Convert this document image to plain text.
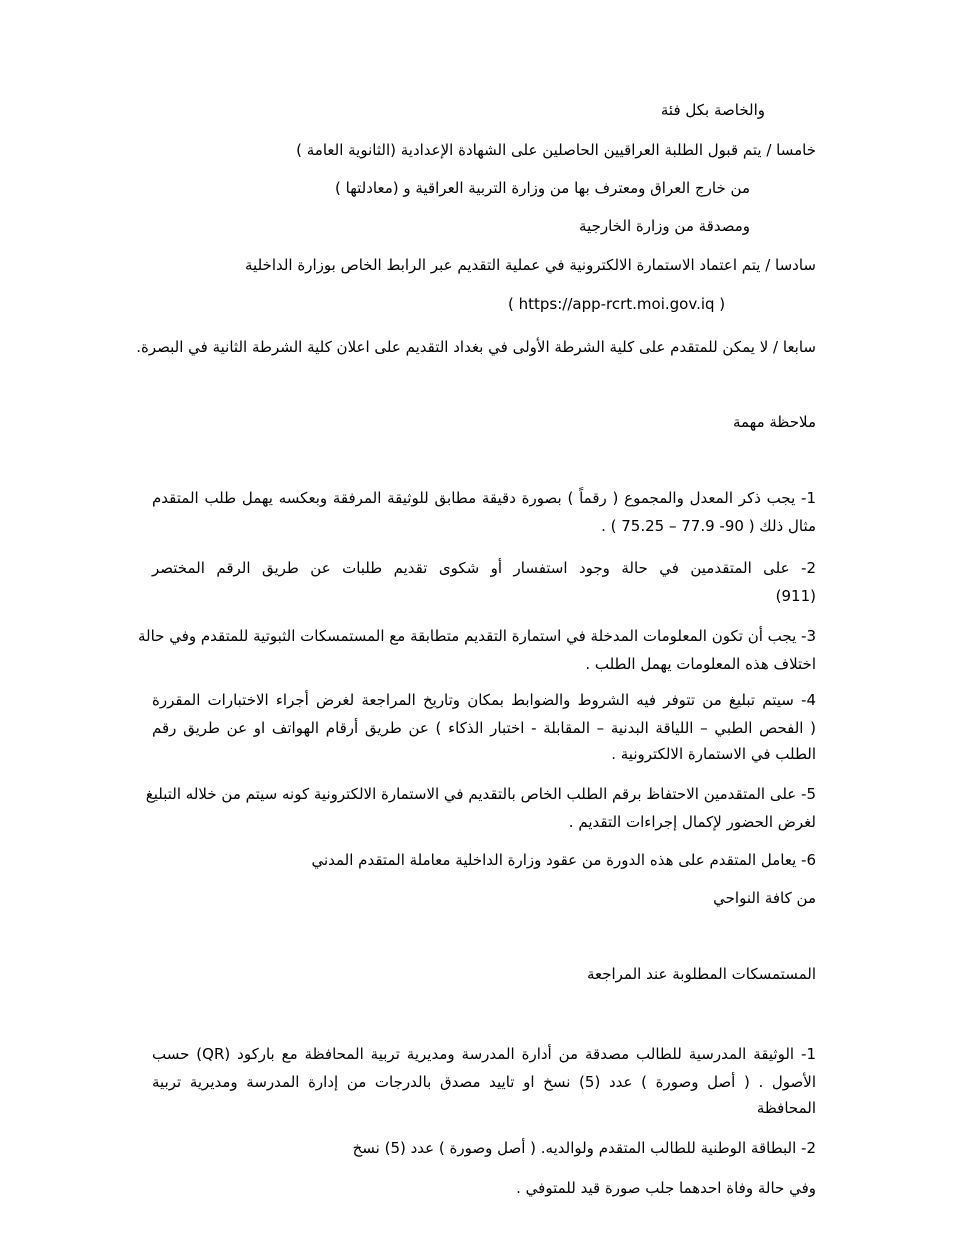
والخاصة بكل فئة
خامسا / يتم قبول الطلبة العراقيين الحاصلين على الشهادة الإعدادية (الثانوية العامة )
من خارج العراق ومعترف بها من وزارة التربية العراقية و (معادلتها )
ومصدقة من وزارة الخارجية
سادسا / يتم اعتماد الاستمارة الالكترونية في عملية التقديم عبر الرابط الخاص بوزارة الداخلية
( https://app-rcrt.moi.gov.iq )
سابعا / لا يمكن للمتقدم على كلية الشرطة الأولى في بغداد التقديم على اعلان كلية الشرطة الثانية في البصرة.
ملاحظة مهمة
1- يجب ذكر المعدل والمجموع ( رقماً ) بصورة دقيقة مطابق للوثيقة المرفقة وبعكسه يهمل طلب المتقدم
مثال ذلك ( 90- 77.9 – 75.25 ) .
2- على المتقدمين في حالة وجود استفسار أو شكوى تقديم طلبات عن طريق الرقم المختصر
(911)
3- يجب أن تكون المعلومات المدخلة في استمارة التقديم متطابقة مع المستمسكات الثبوتية للمتقدم وفي حالة
اختلاف هذه المعلومات يهمل الطلب .
4- سيتم تبليغ من تتوفر فيه الشروط والضوابط بمكان وتاريخ المراجعة لغرض أجراء الاختبارات المقررة
( الفحص الطبي – اللياقة البدنية – المقابلة - اختبار الذكاء ) عن طريق أرقام الهواتف او عن طريق رقم
الطلب في الاستمارة الالكترونية .
5- على المتقدمين الاحتفاظ برقم الطلب الخاص بالتقديم في الاستمارة الالكترونية كونه سيتم من خلاله التبليغ
لغرض الحضور لإكمال إجراءات التقديم .
6- يعامل المتقدم على هذه الدورة من عقود وزارة الداخلية معاملة المتقدم المدني
من كافة النواحي
المستمسكات المطلوبة عند المراجعة
1- الوثيقة المدرسية للطالب مصدقة من أدارة المدرسة ومديرية تربية المحافظة مع باركود (QR) حسب
الأصول . ( أصل وصورة ) عدد (5) نسخ او تاييد مصدق بالدرجات من إدارة المدرسة ومديرية تربية
المحافظة
2- البطاقة الوطنية للطالب المتقدم ولوالديه. ( أصل وصورة ) عدد (5) نسخ
وفي حالة وفاة احدهما جلب صورة قيد للمتوفي .
